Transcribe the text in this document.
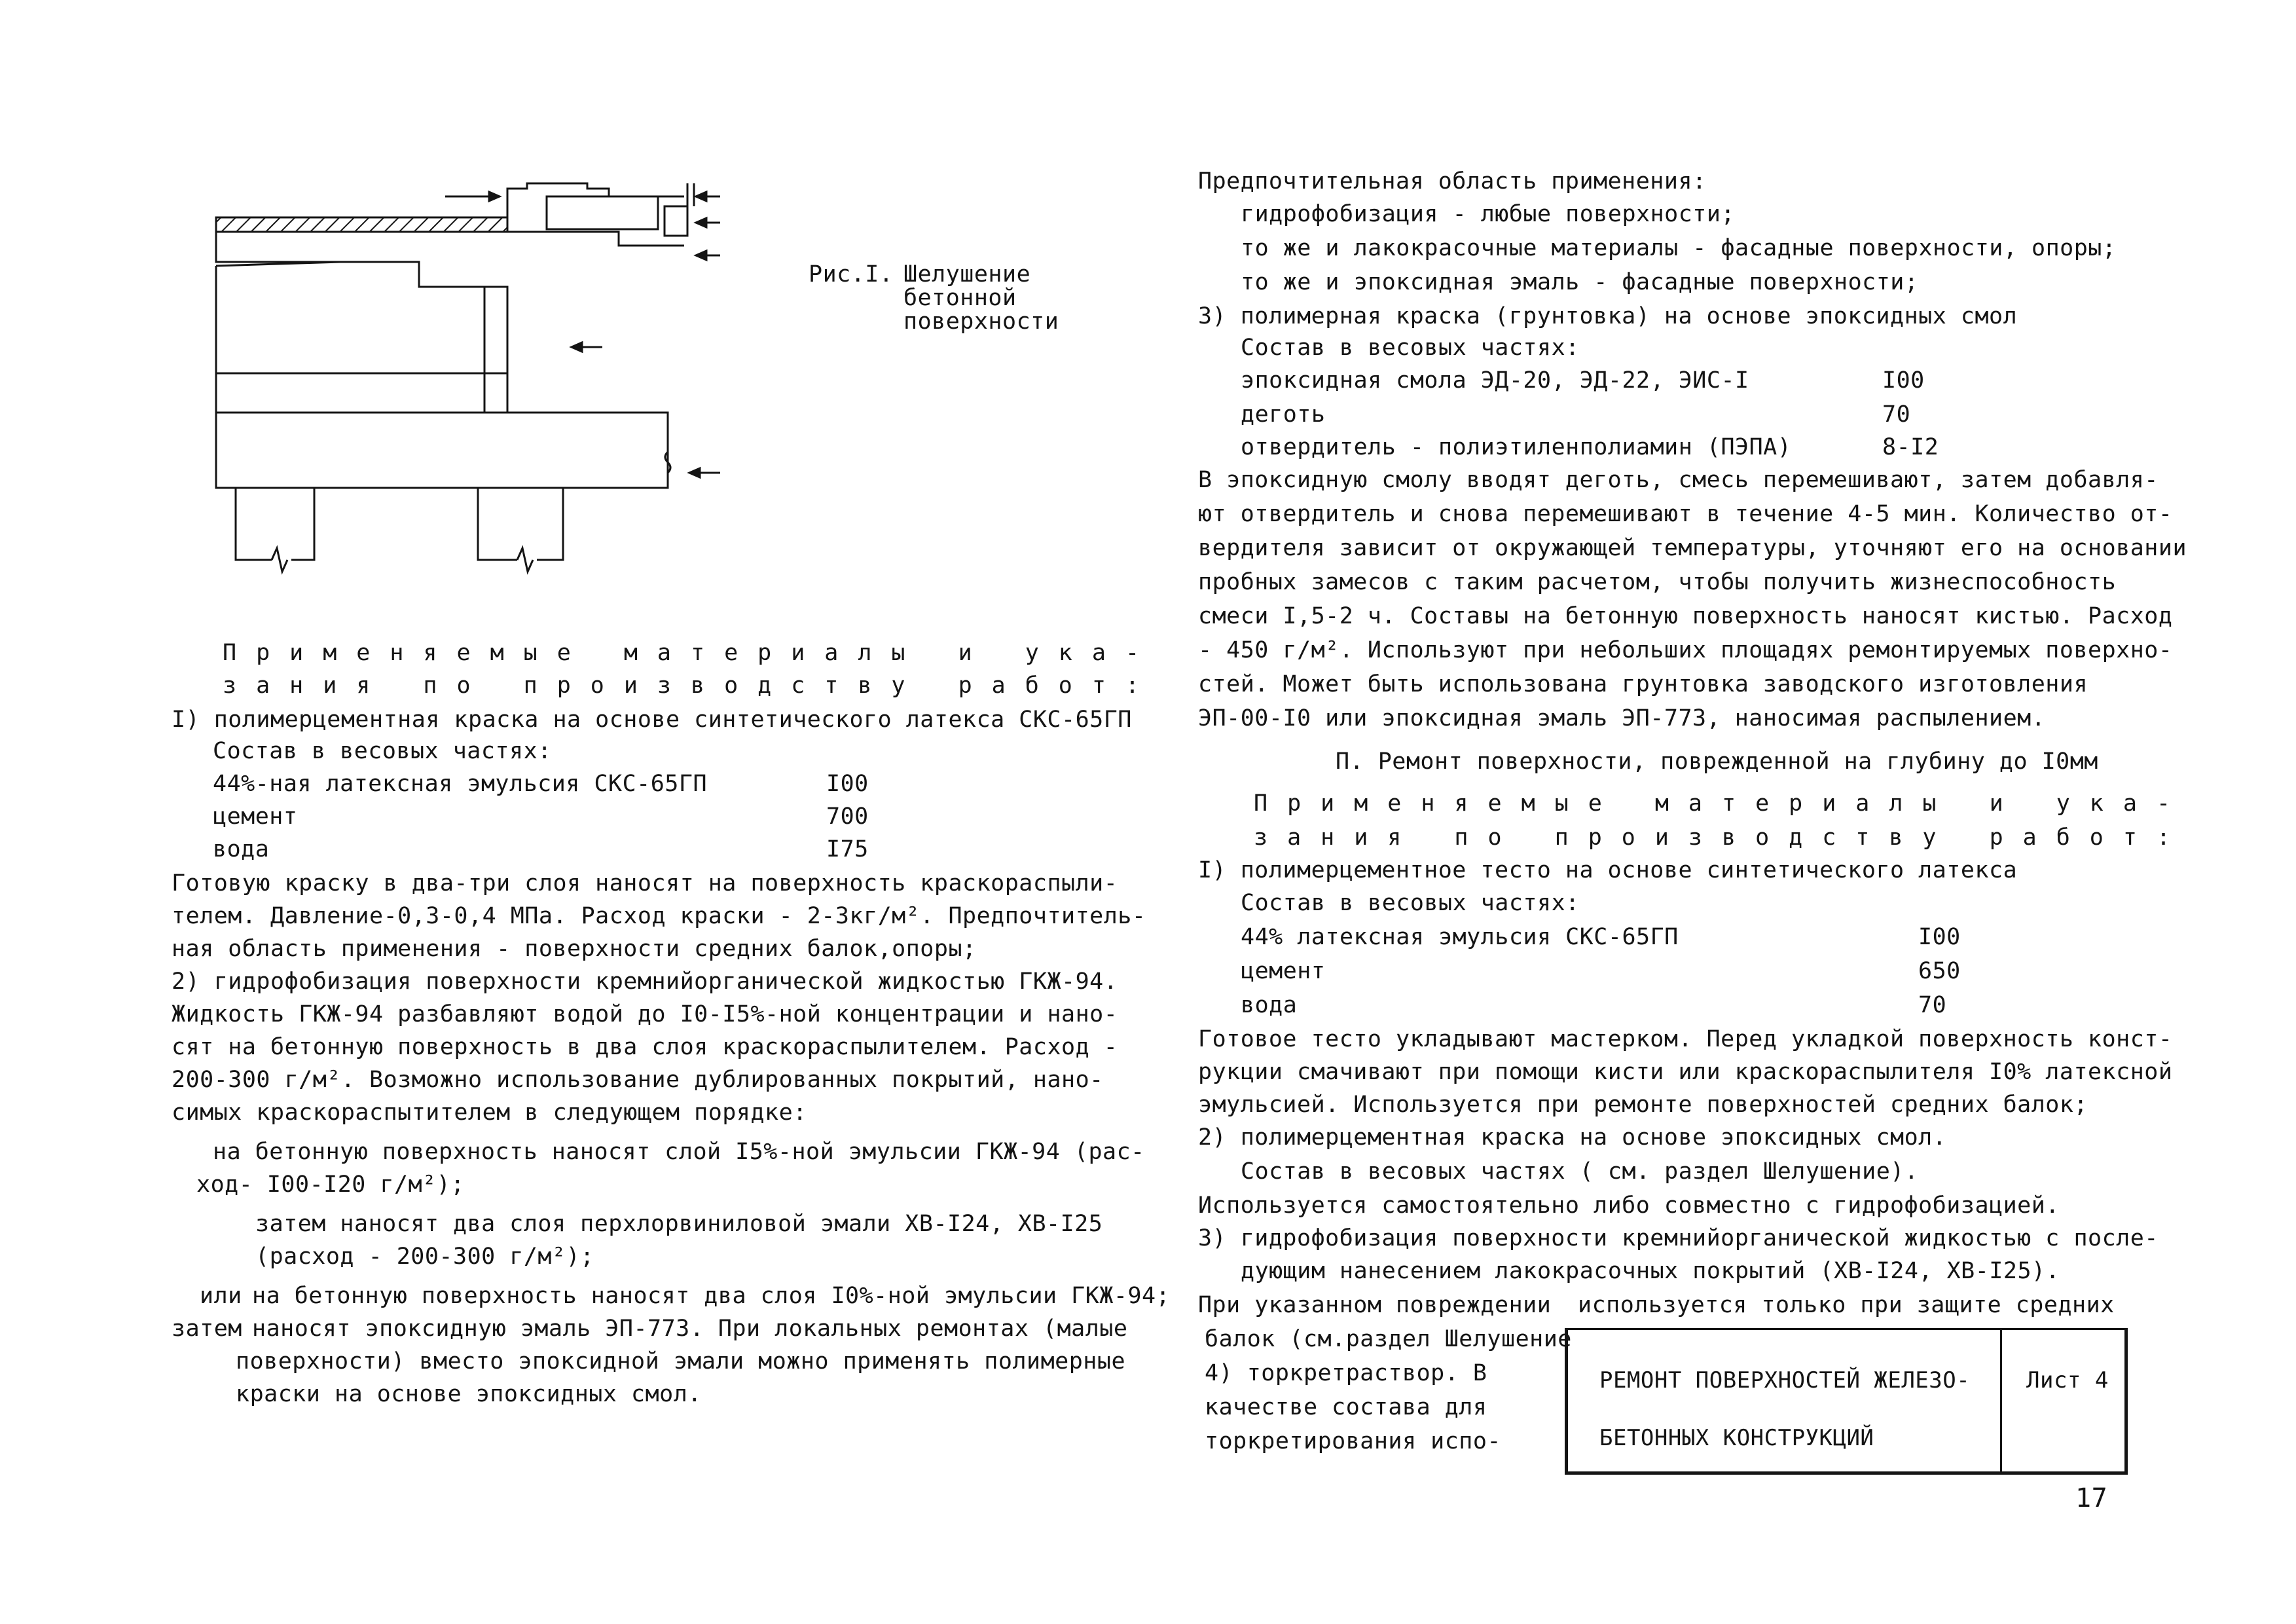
Рис.I. Шелушение
бетонной
поверхности
Применяемые материалы и ука-
зания по производству работ:
I) полимерцементная краска на основе синтетического латекса СКС-65ГП
Состав в весовых частях:
44%-ная латексная эмульсия СКС-65ГП	I00
цемент	700
вода	I75
Готовую краску в два-три слоя наносят на поверхность краскораспыли-
телем. Давление-0,3-0,4 МПа. Расход краски - 2-3кг/м². Предпочтитель-
ная область применения - поверхности средних балок,опоры;
2) гидрофобизация поверхности кремнийорганической жидкостью ГКЖ-94.
Жидкость ГКЖ-94 разбавляют водой до I0-I5%-ной концентрации и нано-
сят на бетонную поверхность в два слоя краскораспылителем. Расход -
200-300 г/м². Возможно использование дублированных покрытий, нано-
симых краскораспытителем в следующем порядке:
на бетонную поверхность наносят слой I5%-ной эмульсии ГКЖ-94 (рас-
ход- I00-I20 г/м²);
затем наносят два слоя перхлорвиниловой эмали ХВ-I24, ХВ-I25
(расход - 200-300 г/м²);
или на бетонную поверхность наносят два слоя I0%-ной эмульсии ГКЖ-94;
затем наносят эпоксидную эмаль ЭП-773. При локальных ремонтах (малые
поверхности) вместо эпоксидной эмали можно применять полимерные
краски на основе эпоксидных смол.
Предпочтительная область применения:
гидрофобизация - любые поверхности;
то же и лакокрасочные материалы - фасадные поверхности, опоры;
то же и эпоксидная эмаль - фасадные поверхности;
3) полимерная краска (грунтовка) на основе эпоксидных смол
Состав в весовых частях:
эпоксидная смола ЭД-20, ЭД-22, ЭИС-I	I00
деготь	70
отвердитель - полиэтиленполиамин (ПЭПА)	8-I2
В эпоксидную смолу вводят деготь, смесь перемешивают, затем добавля-
ют отвердитель и снова перемешивают в течение 4-5 мин. Количество от-
вердителя зависит от окружающей температуры, уточняют его на основании
пробных замесов с таким расчетом, чтобы получить жизнеспособность
смеси I,5-2 ч. Составы на бетонную поверхность наносят кистью. Расход
- 450 г/м². Используют при небольших площадях ремонтируемых поверхно-
стей. Может быть использована грунтовка заводского изготовления
ЭП-00-I0 или эпоксидная эмаль ЭП-773, наносимая распылением.
П. Ремонт поверхности, поврежденной на глубину до I0мм
Применяемые материалы и ука-
зания по производству работ:
I) полимерцементное тесто на основе синтетического латекса
Состав в весовых частях:
44% латексная эмульсия СКС-65ГП	I00
цемент	650
вода	70
Готовое тесто укладывают мастерком. Перед укладкой поверхность конст-
рукции смачивают при помощи кисти или краскораспылителя I0% латексной
эмульсией. Используется при ремонте поверхностей средних балок;
2) полимерцементная краска на основе эпоксидных смол.
Состав в весовых частях ( см. раздел Шелушение).
Используется самостоятельно либо совместно с гидрофобизацией.
3) гидрофобизация поверхности кремнийорганической жидкостью с после-
дующим нанесением лакокрасочных покрытий (ХВ-I24, ХВ-I25).
При указанном повреждении используется только при защите средних
балок (см.раздел Шелушение
4) торкретраствор. В
качестве состава для
торкретирования испо-
РЕМОНТ ПОВЕРХНОСТЕЙ ЖЕЛЕЗО-
БЕТОННЫХ КОНСТРУКЦИЙ
Лист 4
17
